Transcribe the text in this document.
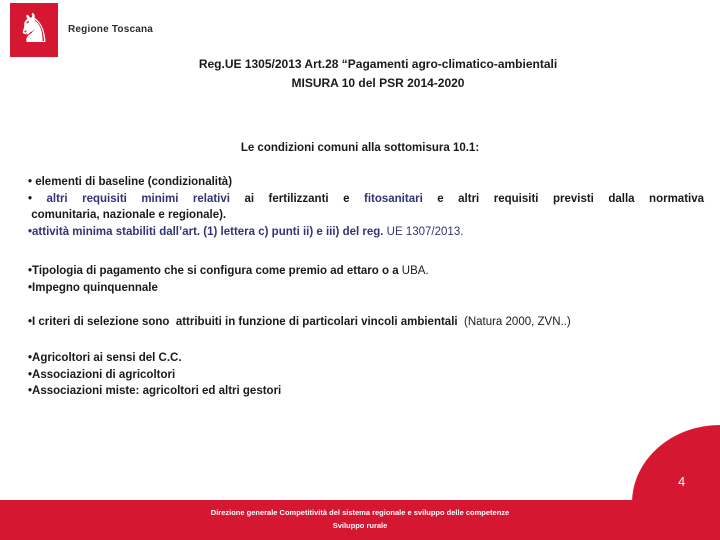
♞ Regione Toscana
Reg.UE 1305/2013 Art.28 “Pagamenti agro-climatico-ambientali
MISURA 10 del PSR 2014-2020
Le condizioni comuni alla sottomisura 10.1:
• elementi di baseline (condizionalità)
• altri requisiti minimi relativi ai fertilizzanti e fitosanitari e altri requisiti previsti dalla normativa
comunitaria, nazionale e regionale).
•attività minima stabiliti dall’art. (1) lettera c) punti ii) e iii) del reg. UE 1307/2013.
•Tipologia di pagamento che si configura come premio ad ettaro o a UBA.
•Impegno quinquennale
•I criteri di selezione sono  attribuiti in funzione di particolari vincoli ambientali  (Natura 2000, ZVN..)
•Agricoltori ai sensi del C.C.
•Associazioni di agricoltori
•Associazioni miste: agricoltori ed altri gestori
4
Direzione generale Competitività del sistema regionale e sviluppo delle competenze
Sviluppo rurale
